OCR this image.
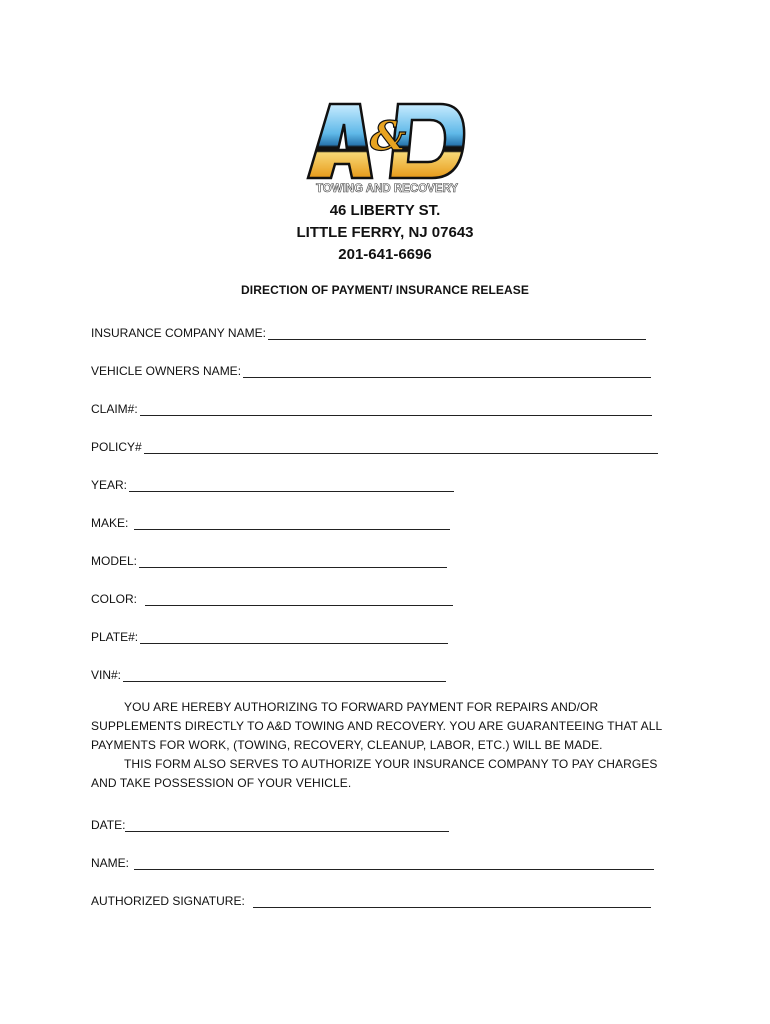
&
TOWING AND RECOVERY
46 LIBERTY ST.
LITTLE FERRY, NJ 07643
201-641-6696
DIRECTION OF PAYMENT/ INSURANCE RELEASE
INSURANCE COMPANY NAME:
VEHICLE OWNERS NAME:
CLAIM#:
POLICY#
YEAR:
MAKE:
MODEL:
COLOR:
PLATE#:
VIN#:

YOU ARE HEREBY AUTHORIZING TO FORWARD PAYMENT FOR REPAIRS AND/OR SUPPLEMENTS DIRECTLY TO A&D TOWING AND RECOVERY. YOU ARE GUARANTEEING THAT ALL PAYMENTS FOR WORK, (TOWING, RECOVERY, CLEANUP, LABOR, ETC.) WILL BE MADE.

THIS FORM ALSO SERVES TO AUTHORIZE YOUR INSURANCE COMPANY TO PAY CHARGES AND TAKE POSSESSION OF YOUR VEHICLE.

DATE:
NAME:
AUTHORIZED SIGNATURE:
